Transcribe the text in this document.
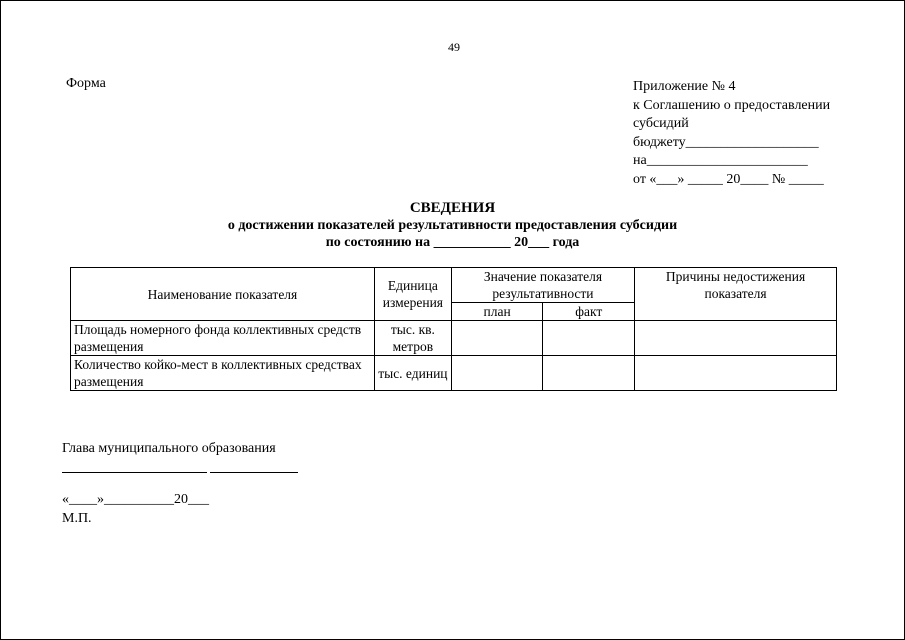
49
Форма	Приложение № 4
к Соглашению о предоставлении
субсидий
бюджету___________________
на_______________________
от «___» _____ 20____ № _____
СВЕДЕНИЯ
о достижении показателей результативности предоставления субсидии
по состоянию на ___________ 20___ года
Наименование показателя	Единица измерения	Значение показателя результативности		Причины недостижения показателя
		план	факт	
Площадь номерного фонда коллективных средств размещения	тыс. кв. метров			
Количество койко-мест в коллективных средствах размещения	тыс. единиц			
Глава муниципального образования
«____»__________20___
М.П.
